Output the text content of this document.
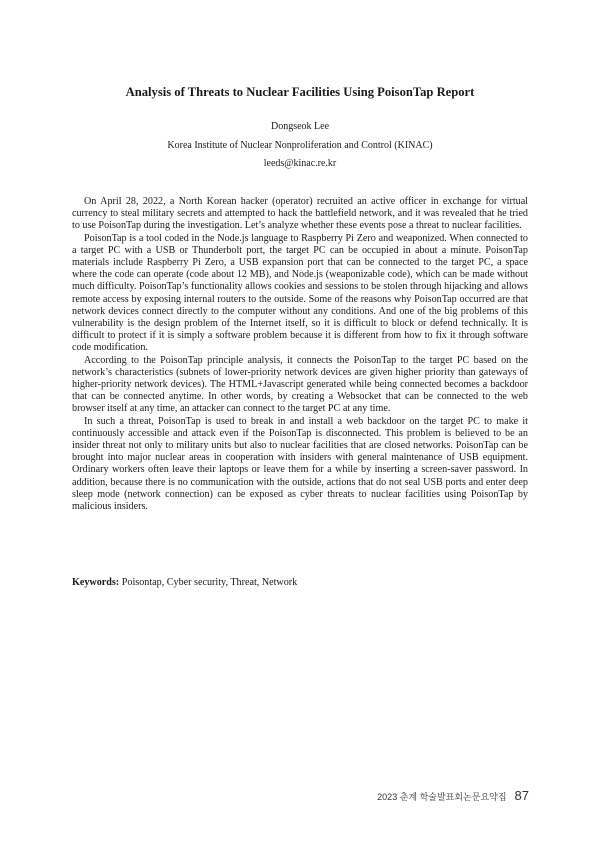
Analysis of Threats to Nuclear Facilities Using PoisonTap Report
Dongseok Lee
Korea Institute of Nuclear Nonproliferation and Control (KINAC)
leeds@kinac.re.kr

On April 28, 2022, a North Korean hacker (operator) recruited an active officer in exchange for virtual currency to steal military secrets and attempted to hack the battlefield network, and it was revealed that he tried to use PoisonTap during the investigation. Let’s analyze whether these events pose a threat to nuclear facilities.

PoisonTap is a tool coded in the Node.js language to Raspberry Pi Zero and weaponized. When connected to a target PC with a USB or Thunderbolt port, the target PC can be occupied in about a minute. PoisonTap materials include Raspberry Pi Zero, a USB expansion port that can be connected to the target PC, a space where the code can operate (code about 12 MB), and Node.js (weaponizable code), which can be made without much difficulty. PoisonTap’s functionality allows cookies and sessions to be stolen through hijacking and allows remote access by exposing internal routers to the outside. Some of the reasons why PoisonTap occurred are that network devices connect directly to the computer without any conditions. And one of the big problems of this vulnerability is the design problem of the Internet itself, so it is difficult to block or defend technically. It is difficult to protect if it is simply a software problem because it is different from how to fix it through software code modification.

According to the PoisonTap principle analysis, it connects the PoisonTap to the target PC based on the network’s characteristics (subnets of lower-priority network devices are given higher priority than gateways of higher-priority network devices). The HTML+Javascript generated while being connected becomes a backdoor that can be connected anytime. In other words, by creating a Websocket that can be connected to the web browser itself at any time, an attacker can connect to the target PC at any time.

In such a threat, PoisonTap is used to break in and install a web backdoor on the target PC to make it continuously accessible and attack even if the PoisonTap is disconnected. This problem is believed to be an insider threat not only to military units but also to nuclear facilities that are closed networks. PoisonTap can be brought into major nuclear areas in cooperation with insiders with general maintenance of USB equipment. Ordinary workers often leave their laptops or leave them for a while by inserting a screen-saver password. In addition, because there is no communication with the outside, actions that do not seal USB ports and enter deep sleep mode (network connection) can be exposed as cyber threats to nuclear facilities using PoisonTap by malicious insiders.

Keywords: Poisontap, Cyber security, Threat, Network
2023 춘계 학술발표회논문요약집 87
